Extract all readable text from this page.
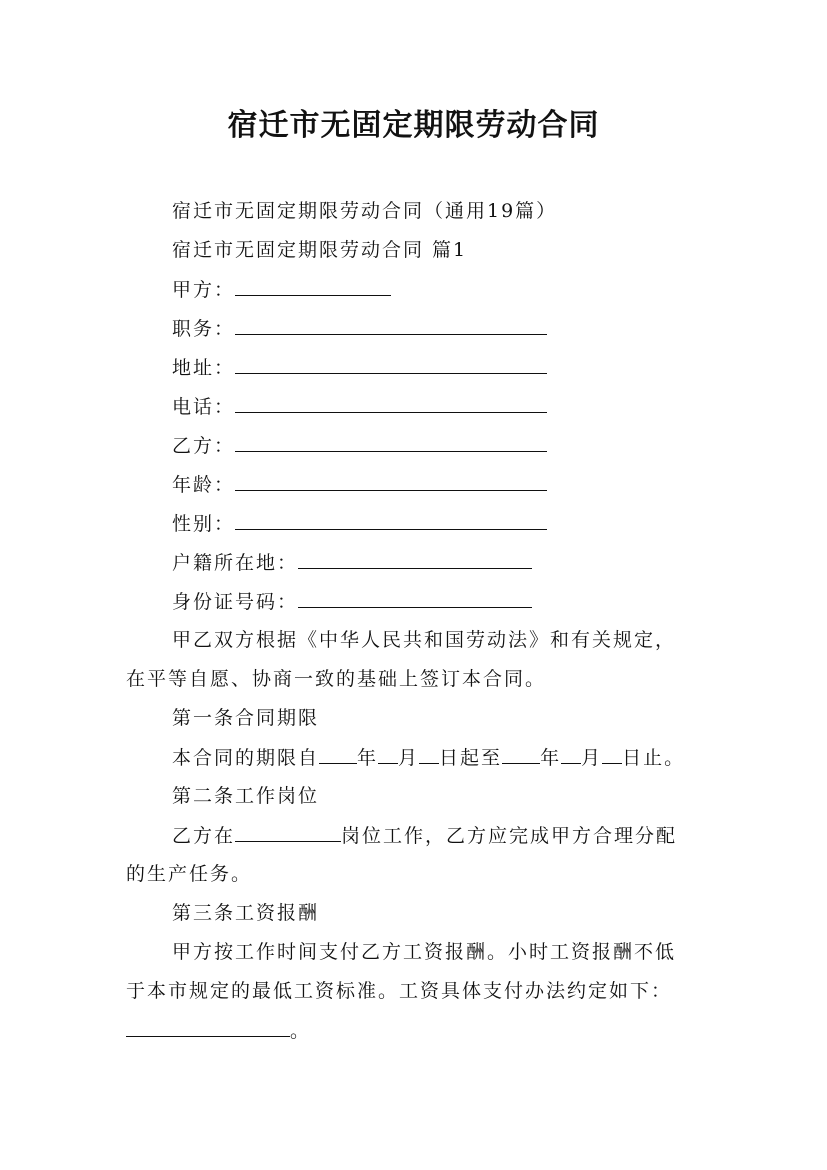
宿迁市无固定期限劳动合同
宿迁市无固定期限劳动合同（通用19篇）
宿迁市无固定期限劳动合同 篇1
甲方：
职务：
地址：
电话：
乙方：
年龄：
性别：
户籍所在地：
身份证号码：
甲乙双方根据《中华人民共和国劳动法》和有关规定，
在平等自愿、协商一致的基础上签订本合同。
第一条合同期限
本合同的期限自 年 月 日起至 年 月 日止。
第二条工作岗位
乙方在	岗位工作，乙方应完成甲方合理分配
的生产任务。
第三条工资报酬
甲方按工作时间支付乙方工资报酬。小时工资报酬不低
于本市规定的最低工资标准。工资具体支付办法约定如下：
。
